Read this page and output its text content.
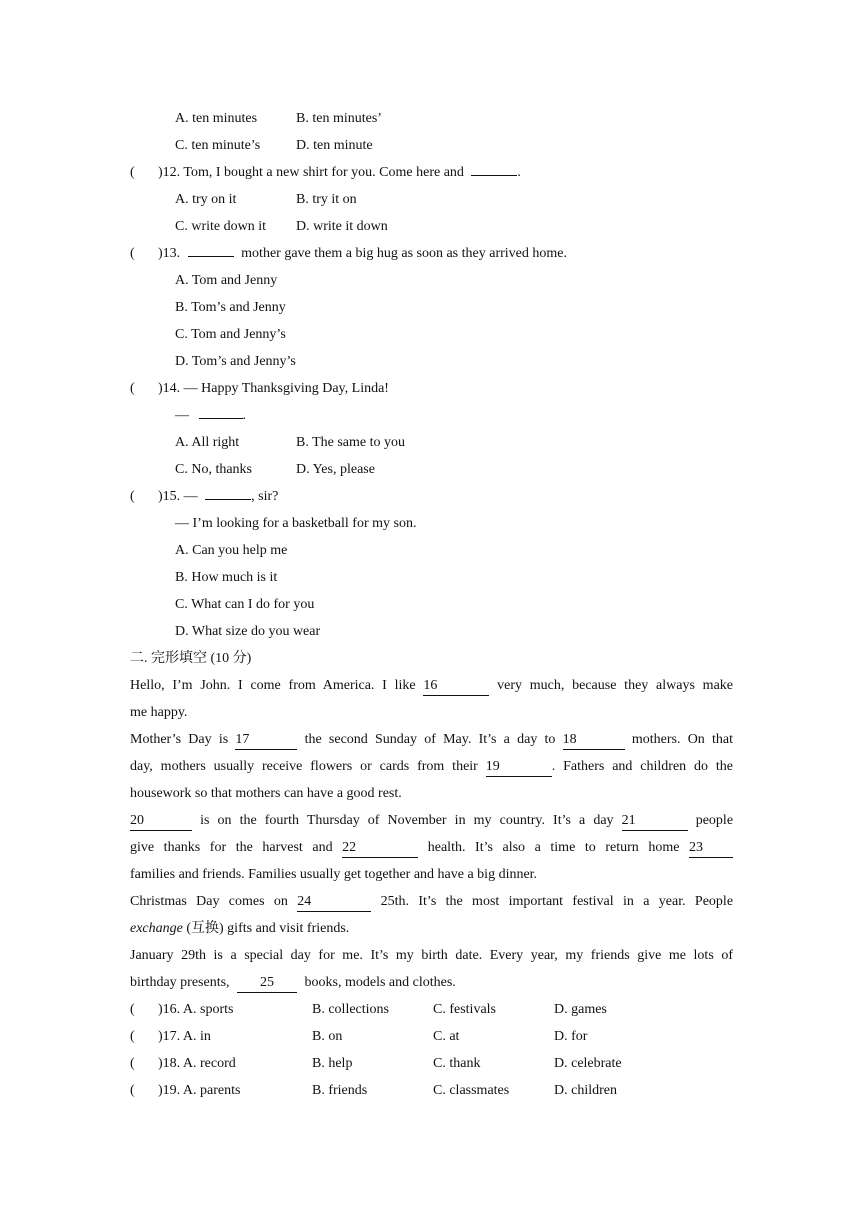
A. ten minutes	B. ten minutes’
C. ten minute’s	D. ten minute
( )12. Tom, I bought a new shirt for you. Come here and	.
A. try on it	B. try it on
C. write down it D. write it down
( )13.	mother gave them a big hug as soon as they arrived home.
A. Tom and Jenny
B. Tom’s and Jenny
C. Tom and Jenny’s
D. Tom’s and Jenny’s
( )14. — Happy Thanksgiving Day, Linda!
—	.
A. All right	B. The same to you
C. No, thanks	D. Yes, please
( )15. —	, sir?
— I’m looking for a basketball for my son.
A. Can you help me
B. How much is it
C. What can I do for you
D. What size do you wear
二. 完形填空 (10 分)
Hello, I’m John. I come from America. I like 16	very much, because they always make
me happy.
Mother’s Day is 17	the second Sunday of May. It’s a day to 18	mothers. On that
day, mothers usually receive flowers or cards from their 19	. Fathers and children do the
housework so that mothers can have a good rest.
20	is on the fourth Thursday of November in my country. It’s a day 21	people
give thanks for the harvest and 22	health. It’s also a time to return home 23
families and friends. Families usually get together and have a big dinner.
Christmas Day comes on 24	25th. It’s the most important festival in a year. People
exchange (互换) gifts and visit friends.
January 29th is a special day for me. It’s my birth date. Every year, my friends give me lots of
birthday presents, 25 books, models and clothes.
( )16. A. sports	B. collections	C. festivals	D. games
( )17. A. in	B. on	C. at	D. for
( )18. A. record	B. help	C. thank	D. celebrate
( )19. A. parents	B. friends	C. classmates	D. children
